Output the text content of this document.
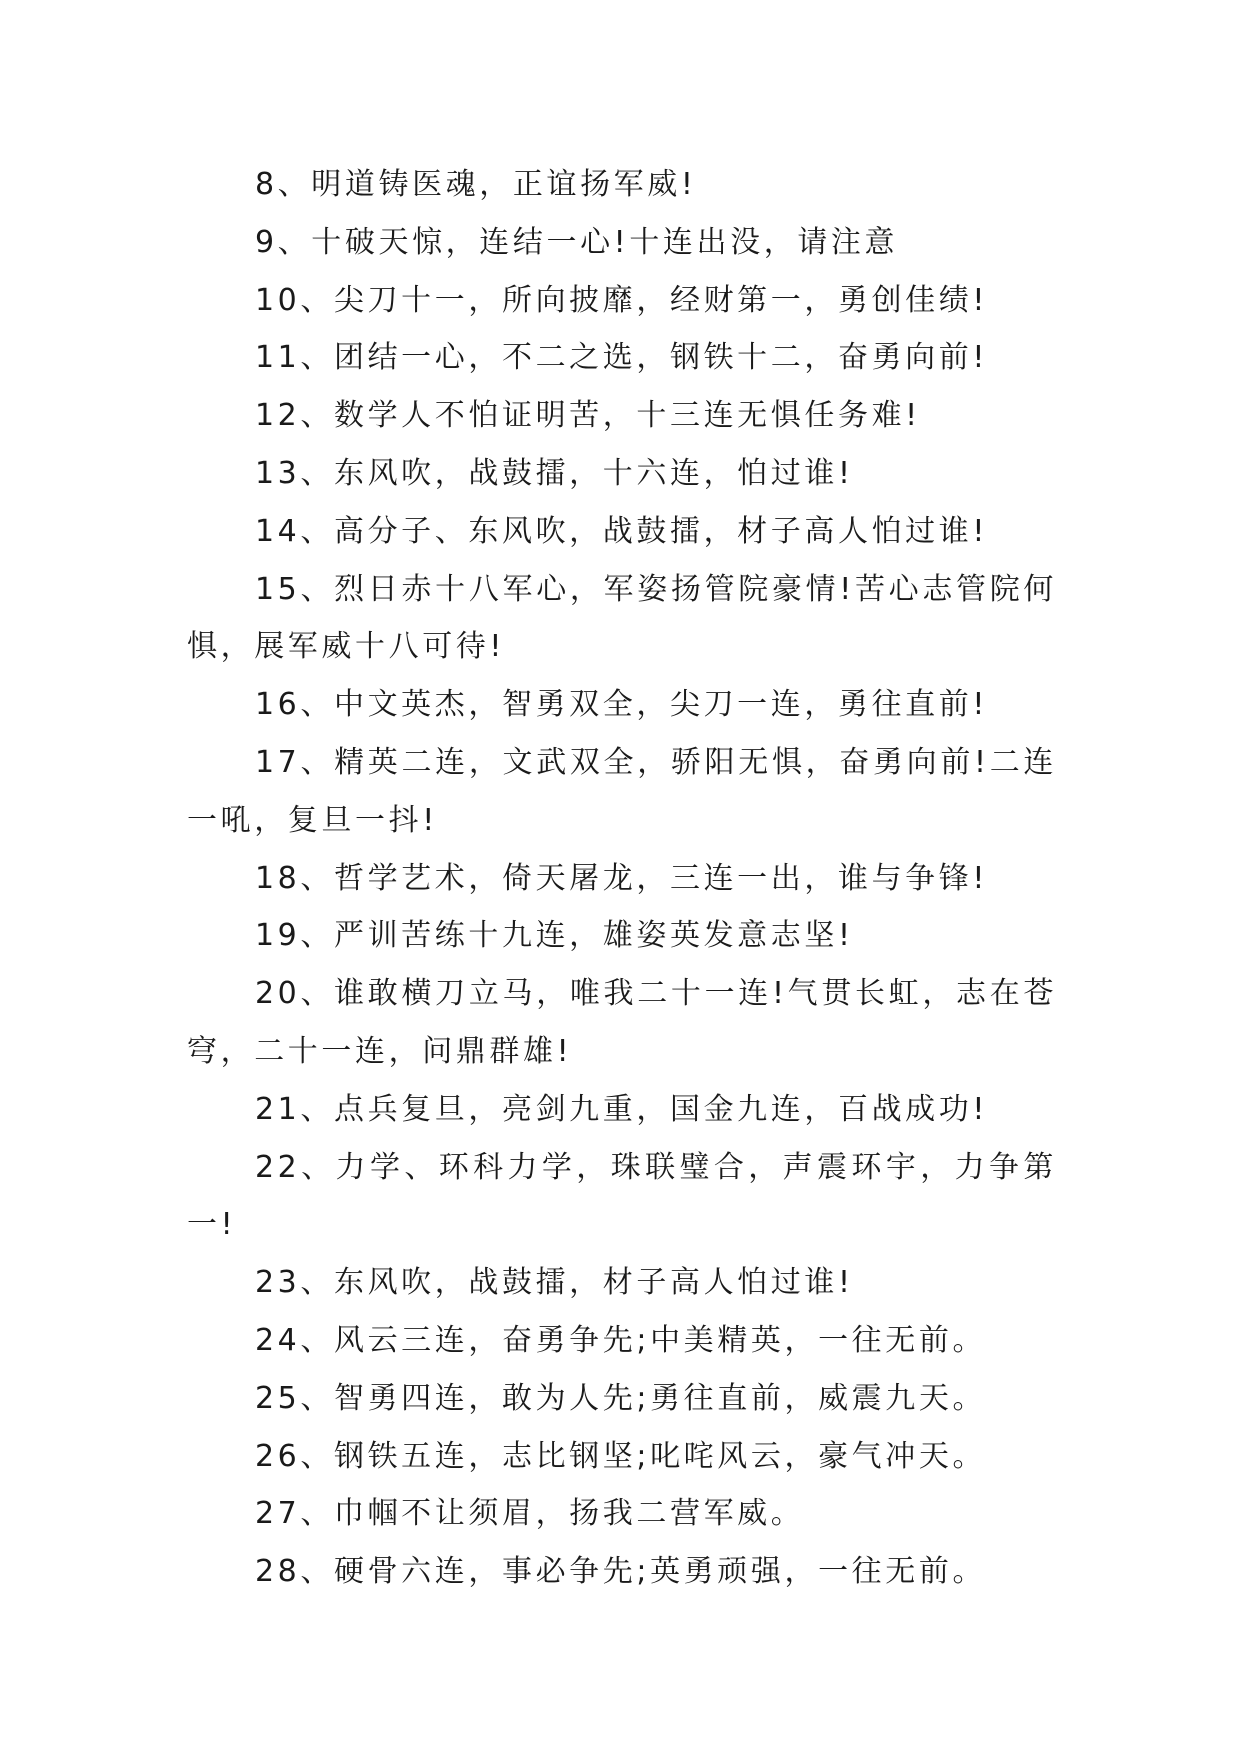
8、明道铸医魂，正谊扬军威!

9、十破天惊，连结一心!十连出没，请注意

10、尖刀十一，所向披靡，经财第一，勇创佳绩!

11、团结一心，不二之选，钢铁十二，奋勇向前!

12、数学人不怕证明苦，十三连无惧任务难!

13、东风吹，战鼓擂，十六连，怕过谁!

14、高分子、东风吹，战鼓擂，材子高人怕过谁!

15、烈日赤十八军心，军姿扬管院豪情!苦心志管院何惧，展军威十八可待!

16、中文英杰，智勇双全，尖刀一连，勇往直前!

17、精英二连，文武双全，骄阳无惧，奋勇向前!二连一吼，复旦一抖!

18、哲学艺术，倚天屠龙，三连一出，谁与争锋!

19、严训苦练十九连，雄姿英发意志坚!

20、谁敢横刀立马，唯我二十一连!气贯长虹，志在苍穹，二十一连，问鼎群雄!

21、点兵复旦，亮剑九重，国金九连，百战成功!

22、力学、环科力学，珠联璧合，声震环宇，力争第一!

23、东风吹，战鼓擂，材子高人怕过谁!

24、风云三连，奋勇争先;中美精英，一往无前。

25、智勇四连，敢为人先;勇往直前，威震九天。

26、钢铁五连，志比钢坚;叱咤风云，豪气冲天。

27、巾帼不让须眉，扬我二营军威。

28、硬骨六连，事必争先;英勇顽强，一往无前。
